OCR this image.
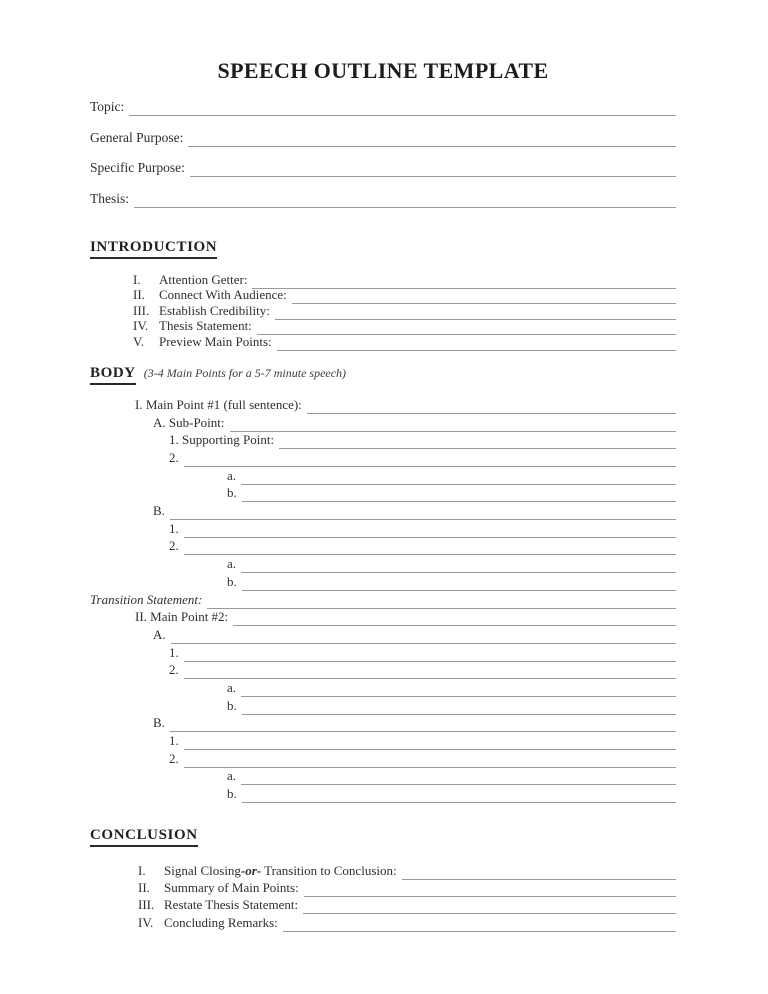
SPEECH OUTLINE TEMPLATE
Topic:
General Purpose:
Specific Purpose:
Thesis:
INTRODUCTION
I.	Attention Getter:
II.	Connect With Audience:
III. Establish Credibility:
IV. Thesis Statement:
V.	Preview Main Points:
BODY (3-4 Main Points for a 5-7 minute speech)
I. Main Point #1 (full sentence):
A. Sub-Point:
1. Supporting Point:
2.
a.
b.
B.
1.
2.
a.
b.
Transition Statement:
II. Main Point #2:
A.
1.
2.
a.
b.
B.
1.
2.
a.
b.
CONCLUSION
I.	Signal Closing -or- Transition to Conclusion:
II.	Summary of Main Points:
III. Restate Thesis Statement:
IV. Concluding Remarks:
